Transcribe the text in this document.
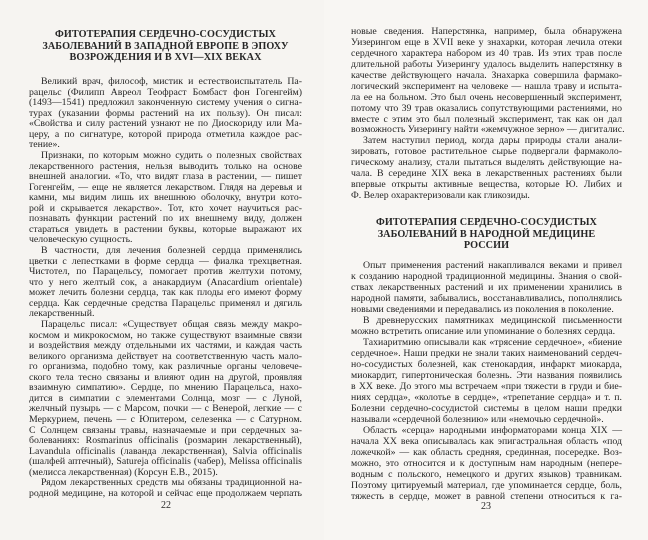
ФИТОТЕРАПИЯ СЕРДЕЧНО-СОСУДИСТЫХ
ЗАБОЛЕВАНИЙ В ЗАПАДНОЙ ЕВРОПЕ В ЭПОХУ
ВОЗРОЖДЕНИЯ И В XVI—XIX ВЕКАХ
Великий врач, философ, мистик и естествоиспытатель Па-
рацельс (Филипп Авреол Теофраст Бомбаст фон Гогенгейм)
(1493—1541) предложил законченную систему учения о сигна-
турах (указании формы растений на их пользу). Он писал:
«Свойства и силу растений узнают не по Диоскориду или Ма-
церу, а по сигнатуре, которой природа отметила каждое рас-
тение».
Признаки, по которым можно судить о полезных свойствах
лекарственного растения, нельзя выводить только на основе
внешней аналогии. «То, что видят глаза в растении, — пишет
Гогенгейм, — еще не является лекарством. Глядя на деревья и
камни, мы видим лишь их внешнюю оболочку, внутри кото-
рой и скрывается лекарство». Тот, кто хочет научиться рас-
познавать функции растений по их внешнему виду, должен
стараться увидеть в растении буквы, которые выражают их
человеческую сущность.
В частности, для лечения болезней сердца применялись
цветки с лепестками в форме сердца — фиалка трехцветная.
Чистотел, по Парацельсу, помогает против желтухи потому,
что у него желтый сок, а анакардиум (Anacardium orientale)
может лечить болезни сердца, так как плоды его имеют форму
сердца. Как сердечные средства Парацельс применял и дягиль
лекарственный.
Парацельс писал: «Существует общая связь между макро-
космом и микрокосмом, но также существуют взаимные связи
и воздействия между отдельными их частями, и каждая часть
великого организма действует на соответственную часть мало-
го организма, подобно тому, как различные органы человече-
ского тела тесно связаны и влияют один на другой, проявляя
взаимную симпатию». Сердце, по мнению Парацельса, нахо-
дится в симпатии с элементами Солнца, мозг — с Луной,
желчный пузырь — с Марсом, почки — с Венерой, легкие — с
Меркурием, печень — с Юпитером, селезенка — с Сатурном.
С Солнцем связаны травы, назначаемые и при сердечных за-
болеваниях: Rosmarinus officinalis (розмарин лекарственный),
Lavandula officinalis (лаванда лекарственная), Salvia officinalis
(шалфей аптечный), Satureja officinalis (чабер), Melissa officinalis
(мелисса лекарственная) (Корсун Е.В., 2015).
Рядом лекарственных средств мы обязаны традиционной на-
родной медицине, на которой и сейчас еще продолжаем черпать
22
новые сведения. Наперстянка, например, была обнаружена
Уизерингом еще в XVII веке у знахарки, которая лечила отеки
сердечного характера набором из 40 трав. Из этих трав после
длительной работы Уизерингу удалось выделить наперстянку в
качестве действующего начала. Знахарка совершила фармако-
логический эксперимент на человеке — нашла траву и испыта-
ла ее на больном. Это был очень несовершенный эксперимент,
потому что 39 трав оказались сопутствующими растениями, но
вместе с этим это был полезный эксперимент, так как он дал
возможность Уизерингу найти «жемчужное зерно» — дигиталис.
Затем наступил период, когда дары природы стали анали-
зировать, готовое растительное сырье подвергали фармаколо-
гическому анализу, стали пытаться выделять действующие на-
чала. В середине XIX века в лекарственных растениях были
впервые открыты активные вещества, которые Ю. Либих и
Ф. Велер охарактеризовали как гликозиды.
ФИТОТЕРАПИЯ СЕРДЕЧНО-СОСУДИСТЫХ
ЗАБОЛЕВАНИЙ В НАРОДНОЙ МЕДИЦИНЕ
РОССИИ
Опыт применения растений накапливался веками и привел
к созданию народной традиционной медицины. Знания о свой-
ствах лекарственных растений и их применении хранились в
народной памяти, забывались, восстанавливались, пополнялись
новыми сведениями и передавались из поколения в поколение.
В древнерусских памятниках медицинской письменности
можно встретить описание или упоминание о болезнях сердца.
Тахиаритмию описывали как «трясение сердечное», «биение
сердечное». Наши предки не знали таких наименований сердеч-
но-сосудистых болезней, как стенокардия, инфаркт миокарда,
миокардит, гипертоническая болезнь. Эти названия появились
в XX веке. До этого мы встречаем «при тяжести в груди и бие-
ниях сердца», «колотье в сердце», «трепетание сердца» и т. п.
Болезни сердечно-сосудистой системы в целом наши предки
называли «сердечной болезнию» или «немочью сердечной».
Область «серца» народными информаторами конца XIX —
начала XX века описывалась как эпигастральная область «под
ложечкой» — как область средняя, срединная, посередке. Воз-
можно, это относится и к доступным нам народным (непере-
водным с польского, немецкого и других языков) травникам.
Поэтому цитируемый материал, где упоминается сердце, боль,
тяжесть в сердце, может в равной степени относиться к га-
23
